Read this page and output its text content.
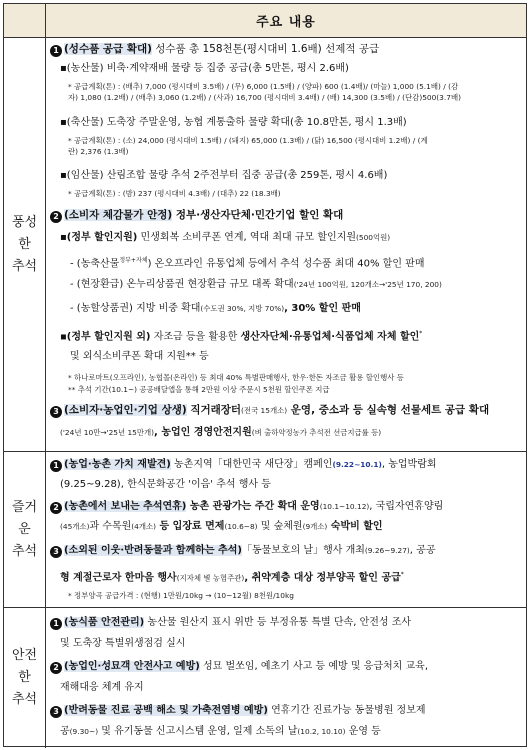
주요 내용
풍성
한
추석
1 (성수품 공급 확대) 성수품 총 158천톤(평시대비 1.6배) 선제적 공급
▪(농산물) 비축·계약재배 물량 등 집중 공급(총 5만톤, 평시 2.6배)
* 공급계획(톤) : (배추) 7,000 (평시대비 3.5배) / (무) 6,000 (1.5배) / (양파) 600 (1.4배)/ (마늘) 1,000 (5.1배) / (감
자) 1,080 (1.2배) / (배추) 3,060 (1.2배) / (사과) 16,700 (평시대비 3.4배) / (배) 14,300 (3.5배) / (단감)500(3.7배)
▪(축산물) 도축장 주말운영, 농협 계통출하 물량 확대(총 10.8만톤, 평시 1.3배)
* 공급계획(톤) : (소) 24,000 (평시대비 1.5배) / (돼지) 65,000 (1.3배) / (닭) 16,500 (평시대비 1.2배) / (계
란) 2,376 (1.3배)
▪(임산물) 산림조합 물량 추석 2주전부터 집중 공급(총 259톤, 평시 4.6배)
* 공급계획(톤) : (밤) 237 (평시대비 4.3배) / (대추) 22 (18.3배)
2 (소비자 체감물가 안정) 정부·생산자단체·민간기업 할인 확대
▪(정부 할인지원) 민생회복 소비쿠폰 연계, 역대 최대 규모 할인지원(500억원)
- (농축산물$^{정부+자체}$) 온오프라인 유통업체 등에서 추석 성수품 최대 40% 할인 판매
- (현장환급) 온누리상품권 현장환급 규모 대폭 확대('24년 100억원, 120개소→'25년 170, 200)
- (농할상품권) 지방 비중 확대(수도권 30%, 지방 70%), 30% 할인 판매
▪(정부 할인지원 외) 자조금 등을 활용한 생산자단체·유통업체·식품업체 자체 할인*
및 외식소비쿠폰 확대 지원** 등
* 하나로마트(오프라인), 농협몰(온라인) 등 최대 40% 특별판매행사, 한우·한돈 자조금 활용 할인행사 등
** 추석 기간(10.1~) 공공배달앱을 통해 2만원 이상 주문시 5천원 할인쿠폰 지급
3 (소비자·농업인·기업 상생) 직거래장터(전국 15개소) 운영, 중소과 등 실속형 선물세트 공급 확대
('24년 10만→'25년 15만개), 농업인 경영안전지원(벼 출하약정농가 추석전 선금지급률 등)
즐거
운
추석
1 (농업·농촌 가치 재발견) 농촌지역「대한민국 새단장」캠페인(9.22~10.1), 농업박람회
(9.25~9.28), 한식문화공간 '이음' 추석 행사 등
2 (농촌에서 보내는 추석연휴) 농촌 관광가는 주간 확대 운영(10.1~10.12), 국립자연휴양림
(45개소)과 수목원(4개소) 등 입장료 면제(10.6~8) 및 숲체원(9개소) 숙박비 할인
3 (소외된 이웃·반려동물과 함께하는 추석)「동물보호의 날」행사 개최(9.26~9.27), 공공
형 계절근로자 한마음 행사(지자체 별 농협주관), 취약계층 대상 정부양곡 할인 공급*
* 정부양곡 공급가격 : (현행) 1만원/10kg → (10~12월) 8천원/10kg
안전
한
추석
1 (농식품 안전관리) 농산물 원산지 표시 위반 등 부정유통 특별 단속, 안전성 조사
및 도축장 특별위생점검 실시
2 (농업인·성묘객 안전사고 예방) 성묘 벌쏘임, 예초기 사고 등 예방 및 응급처치 교육,
재해대응 체계 유지
3 (반려동물 진료 공백 해소 및 가축전염병 예방) 연휴기간 진료가능 동물병원 정보제
공(9.30~) 및 유기동물 신고시스템 운영, 일제 소독의 날(10.2, 10.10) 운영 등
